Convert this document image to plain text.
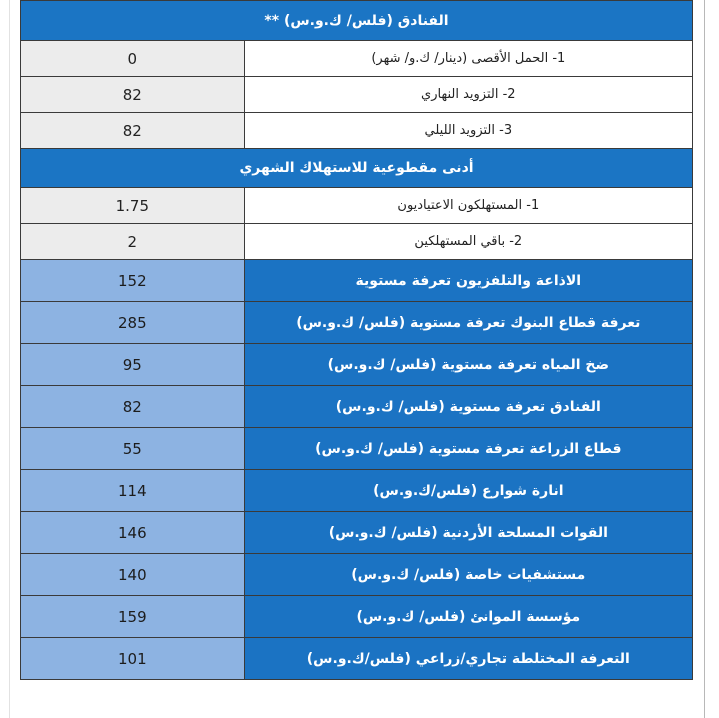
الفنادق (فلس/ ك.و.س) **	
0	1- الحمل الأقصى (دينار/ ك.و/ شهر)
82	2- التزويد النهاري
82	3- التزويد الليلي
أدنى مقطوعية للاستهلاك الشهري	
1.75	1- المستهلكون الاعتياديون
2	2- باقي المستهلكين
152	الاذاعة والتلفزيون تعرفة مستوية
285	تعرفة قطاع البنوك تعرفة مستوية (فلس/ ك.و.س)
95	ضخ المياه تعرفة مستوية (فلس/ ك.و.س)
82	الفنادق تعرفة مستوية (فلس/ ك.و.س)
55	قطاع الزراعة تعرفة مستوية (فلس/ ك.و.س)
114	انارة شوارع (فلس/ك.و.س)
146	القوات المسلحة الأردنية (فلس/ ك.و.س)
140	مستشفيات خاصة (فلس/ ك.و.س)
159	مؤسسة الموانئ (فلس/ ك.و.س)
101	التعرفة المختلطة تجاري/زراعي (فلس/ك.و.س)
